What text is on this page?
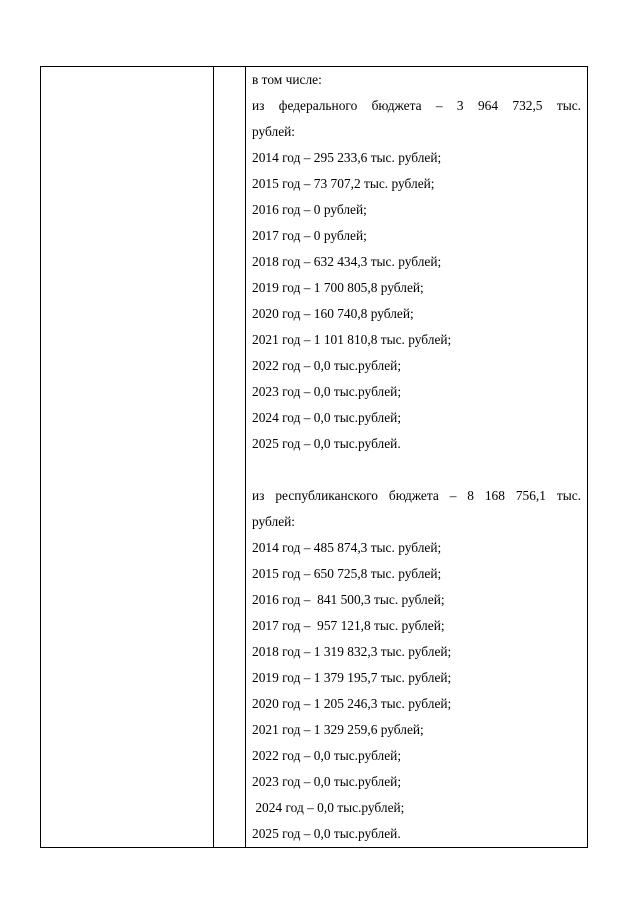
в том числе:
из федерального бюджета – 3 964 732,5 тыс.
рублей:
2014 год – 295 233,6 тыс. рублей;
2015 год – 73 707,2 тыс. рублей;
2016 год – 0 рублей;
2017 год – 0 рублей;
2018 год – 632 434,3 тыс. рублей;
2019 год – 1 700 805,8 рублей;
2020 год – 160 740,8 рублей;
2021 год – 1 101 810,8 тыс. рублей;
2022 год – 0,0 тыс.рублей;
2023 год – 0,0 тыс.рублей;
2024 год – 0,0 тыс.рублей;
2025 год – 0,0 тыс.рублей.
из республиканского бюджета – 8 168 756,1 тыс.
рублей:
2014 год – 485 874,3 тыс. рублей;
2015 год – 650 725,8 тыс. рублей;
2016 год –  841 500,3 тыс. рублей;
2017 год –  957 121,8 тыс. рублей;
2018 год – 1 319 832,3 тыс. рублей;
2019 год – 1 379 195,7 тыс. рублей;
2020 год – 1 205 246,3 тыс. рублей;
2021 год – 1 329 259,6 рублей;
2022 год – 0,0 тыс.рублей;
2023 год – 0,0 тыс.рублей;
2024 год – 0,0 тыс.рублей;
2025 год – 0,0 тыс.рублей.
